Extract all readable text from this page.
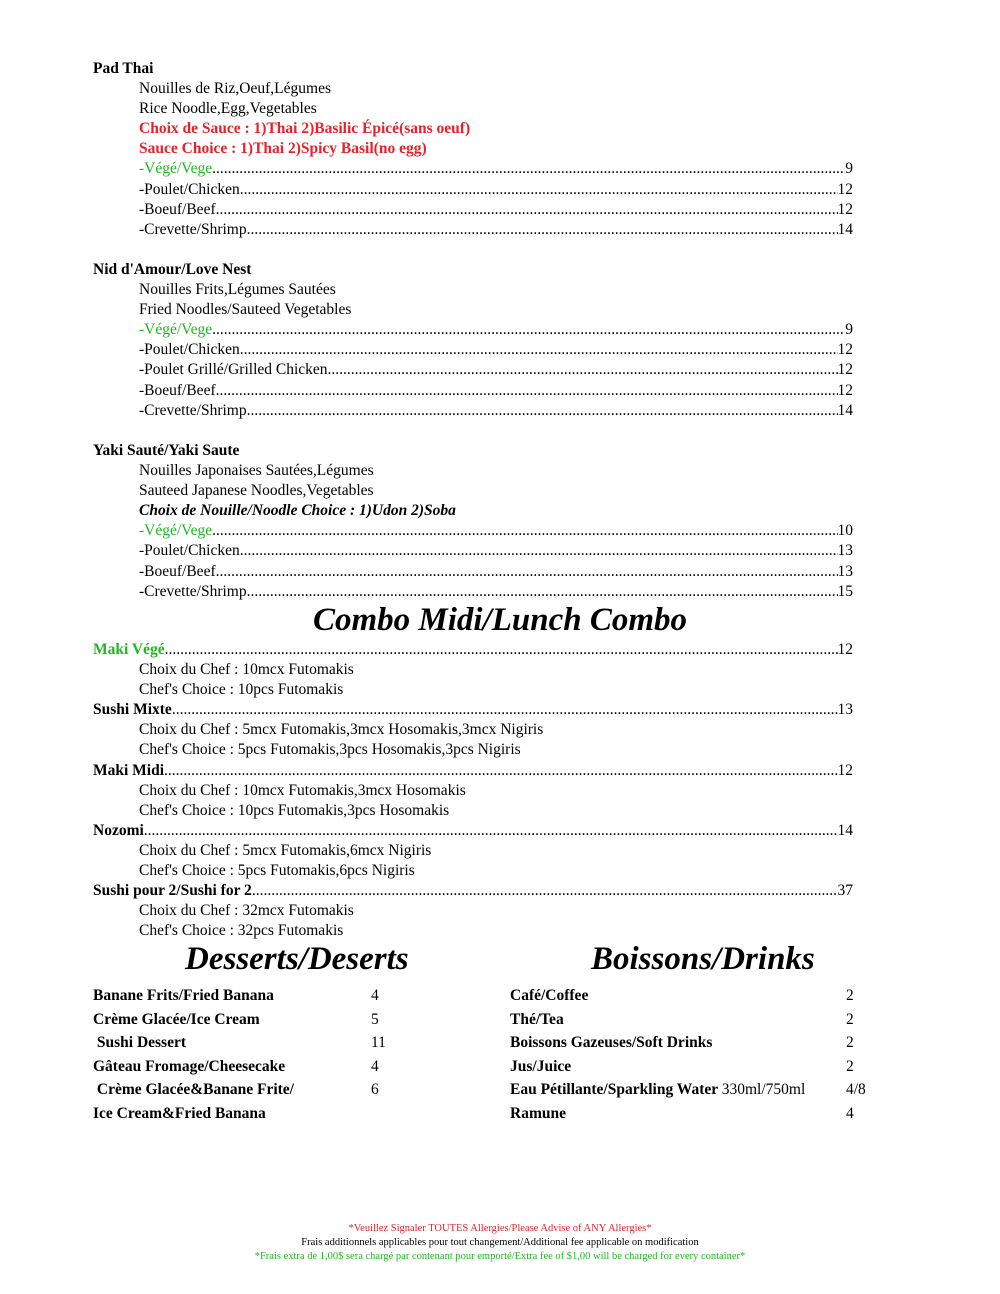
Pad Thai
Nouilles de Riz,Oeuf,Légumes
Rice Noodle,Egg,Vegetables
Choix de Sauce : 1)Thai 2)Basilic Épicé(sans oeuf)
Sauce Choice : 1)Thai 2)Spicy Basil(no egg)
-Végé/Vege .....	9
-Poulet/Chicken .....	12
-Boeuf/Beef .....	12
-Crevette/Shrimp .....	14
Nid d'Amour/Love Nest
Nouilles Frits,Légumes Sautées
Fried Noodles/Sauteed Vegetables
-Végé/Vege .....	9
-Poulet/Chicken .....	12
-Poulet Grillé/Grilled Chicken .....	12
-Boeuf/Beef .....	12
-Crevette/Shrimp .....	14
Yaki Sauté/Yaki Saute
Nouilles Japonaises Sautées,Légumes
Sauteed Japanese Noodles,Vegetables
Choix de Nouille/Noodle Choice : 1)Udon 2)Soba
-Végé/Vege .....	10
-Poulet/Chicken .....	13
-Boeuf/Beef .....	13
-Crevette/Shrimp .....	15
Combo Midi/Lunch Combo
Maki Végé .....	12
Choix du Chef : 10mcx Futomakis
Chef's Choice : 10pcs Futomakis
Sushi Mixte .....	13
Choix du Chef : 5mcx Futomakis,3mcx Hosomakis,3mcx Nigiris
Chef's Choice : 5pcs Futomakis,3pcs Hosomakis,3pcs Nigiris
Maki Midi .....	12
Choix du Chef : 10mcx Futomakis,3mcx Hosomakis
Chef's Choice : 10pcs Futomakis,3pcs Hosomakis
Nozomi .....	14
Choix du Chef : 5mcx Futomakis,6mcx Nigiris
Chef's Choice : 5pcs Futomakis,6pcs Nigiris
Sushi pour 2/Sushi for 2 .....	37
Choix du Chef : 32mcx Futomakis
Chef's Choice : 32pcs Futomakis
Desserts/Deserts	Boissons/Drinks
Banane Frits/Fried Banana	4
Crème Glacée/Ice Cream	5
Sushi Dessert	11
Gâteau Fromage/Cheesecake	4
Crème Glacée&Banane Frite/	6
Ice Cream&Fried Banana
Café/Coffee	2
Thé/Tea	2
Boissons Gazeuses/Soft Drinks	2
Jus/Juice	2
Eau Pétillante/Sparkling Water 330ml/750ml	4/8
Ramune	4
*Veuillez Signaler TOUTES Allergies/Please Advise of ANY Allergies*
Frais additionnels applicables pour tout changement/Additional fee applicable on modification
*Frais extra de 1,00$ sera chargé par contenant pour emporté/Extra fee of $1,00 will be charged for every container*
